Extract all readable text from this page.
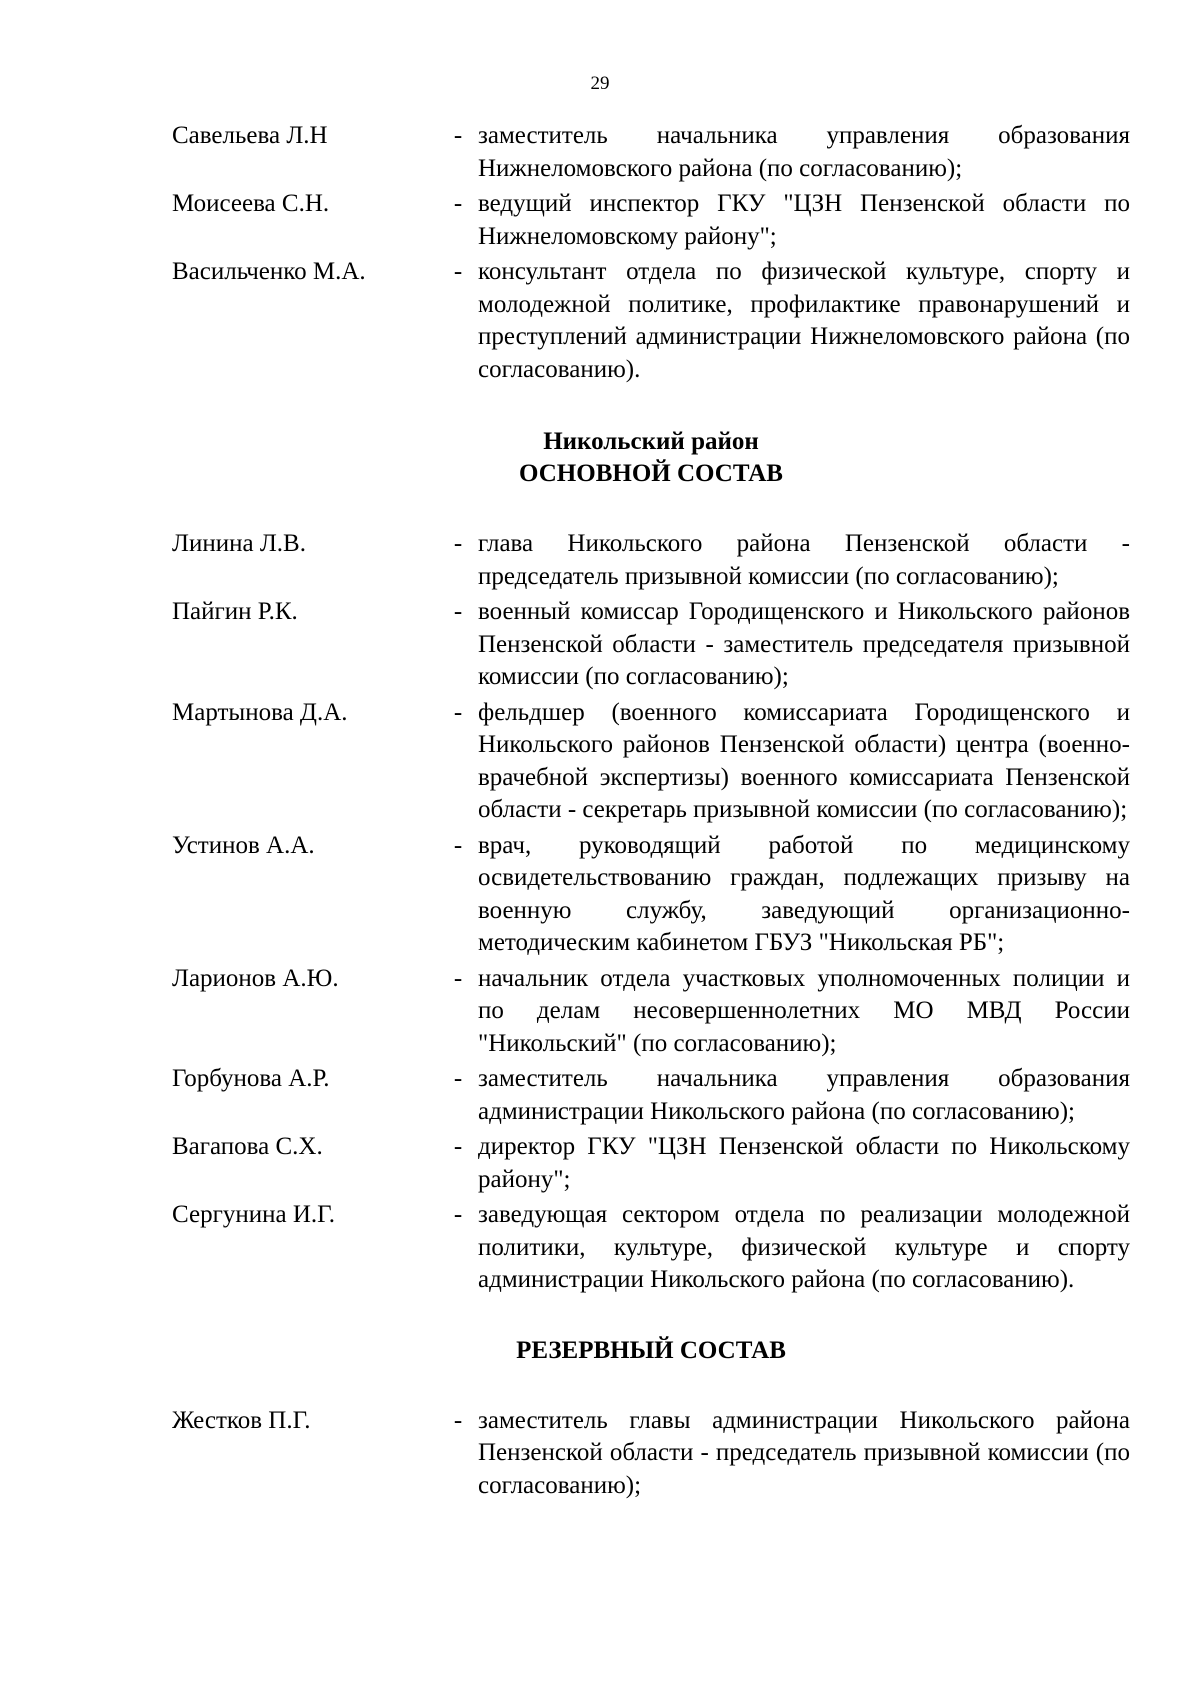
29
Савельева Л.Н	- заместитель начальника управления образования Нижнеломовского района (по согласованию);
Моисеева С.Н.	- ведущий инспектор ГКУ "ЦЗН Пензенской области по Нижнеломовскому району";
Васильченко М.А.	- консультант отдела по физической культуре, спорту и молодежной политике, профилактике правонарушений и преступлений администрации Нижнеломовского района (по согласованию).
Никольский район
ОСНОВНОЙ СОСТАВ
Линина Л.В.	- глава Никольского района Пензенской области - председатель призывной комиссии (по согласованию);
Пайгин Р.К.	- военный комиссар Городищенского и Никольского районов Пензенской области - заместитель председателя призывной комиссии (по согласованию);
Мартынова Д.А.	- фельдшер (военного комиссариата Городищенского и Никольского районов Пензенской области) центра (военно-врачебной экспертизы) военного комиссариата Пензенской области - секретарь призывной комиссии (по согласованию);
Устинов А.А.	- врач, руководящий работой по медицинскому освидетельствованию граждан, подлежащих призыву на военную службу, заведующий организационно-методическим кабинетом ГБУЗ "Никольская РБ";
Ларионов А.Ю.	- начальник отдела участковых уполномоченных полиции и по делам несовершеннолетних МО МВД России "Никольский" (по согласованию);
Горбунова А.Р.	- заместитель начальника управления образования администрации Никольского района (по согласованию);
Вагапова С.Х.	- директор ГКУ "ЦЗН Пензенской области по Никольскому району";
Сергунина И.Г.	- заведующая сектором отдела по реализации молодежной политики, культуре, физической культуре и спорту администрации Никольского района (по согласованию).
РЕЗЕРВНЫЙ СОСТАВ
Жестков П.Г.	- заместитель главы администрации Никольского района Пензенской области - председатель призывной комиссии (по согласованию);
